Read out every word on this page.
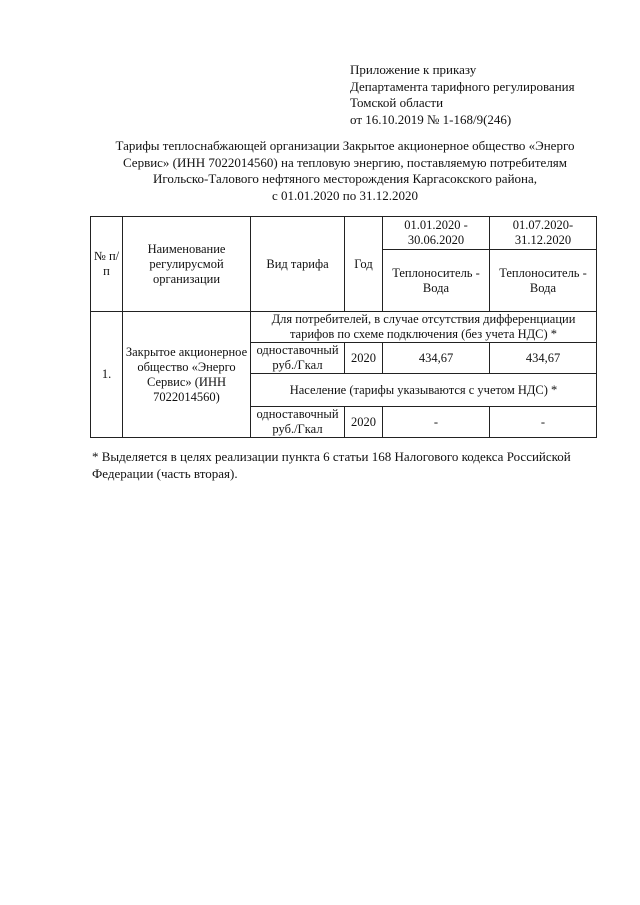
Приложение к приказу
Департамента тарифного регулирования
Томской области
от 16.10.2019 № 1-168/9(246)
Тарифы теплоснабжающей организации Закрытое акционерное общество «Энерго
Сервис» (ИНН 7022014560) на тепловую энергию, поставляемую потребителям
Игольско-Талового нефтяного месторождения Каргасокского района,
с 01.01.2020 по 31.12.2020
№ п/п	Наименование регулирусмой организации	Вид тарифа	Год	01.01.2020 - 30.06.2020	01.07.2020- 31.12.2020
				Теплоноситель - Вода	Теплоноситель - Вода
1.	Закрытое акционерное общество «Энерго Сервис» (ИНН 7022014560)	Для потребителей, в случае отсутствия дифференциации тарифов по схеме подключения (без учета НДС) *			
		одноставочный руб./Гкал	2020	434,67	434,67
		Население (тарифы указываются с учетом НДС) *			
		одноставочный руб./Гкал	2020	-	-
* Выделяется в целях реализации пункта 6 статьи 168 Налогового кодекса Российской
Федерации (часть вторая).
